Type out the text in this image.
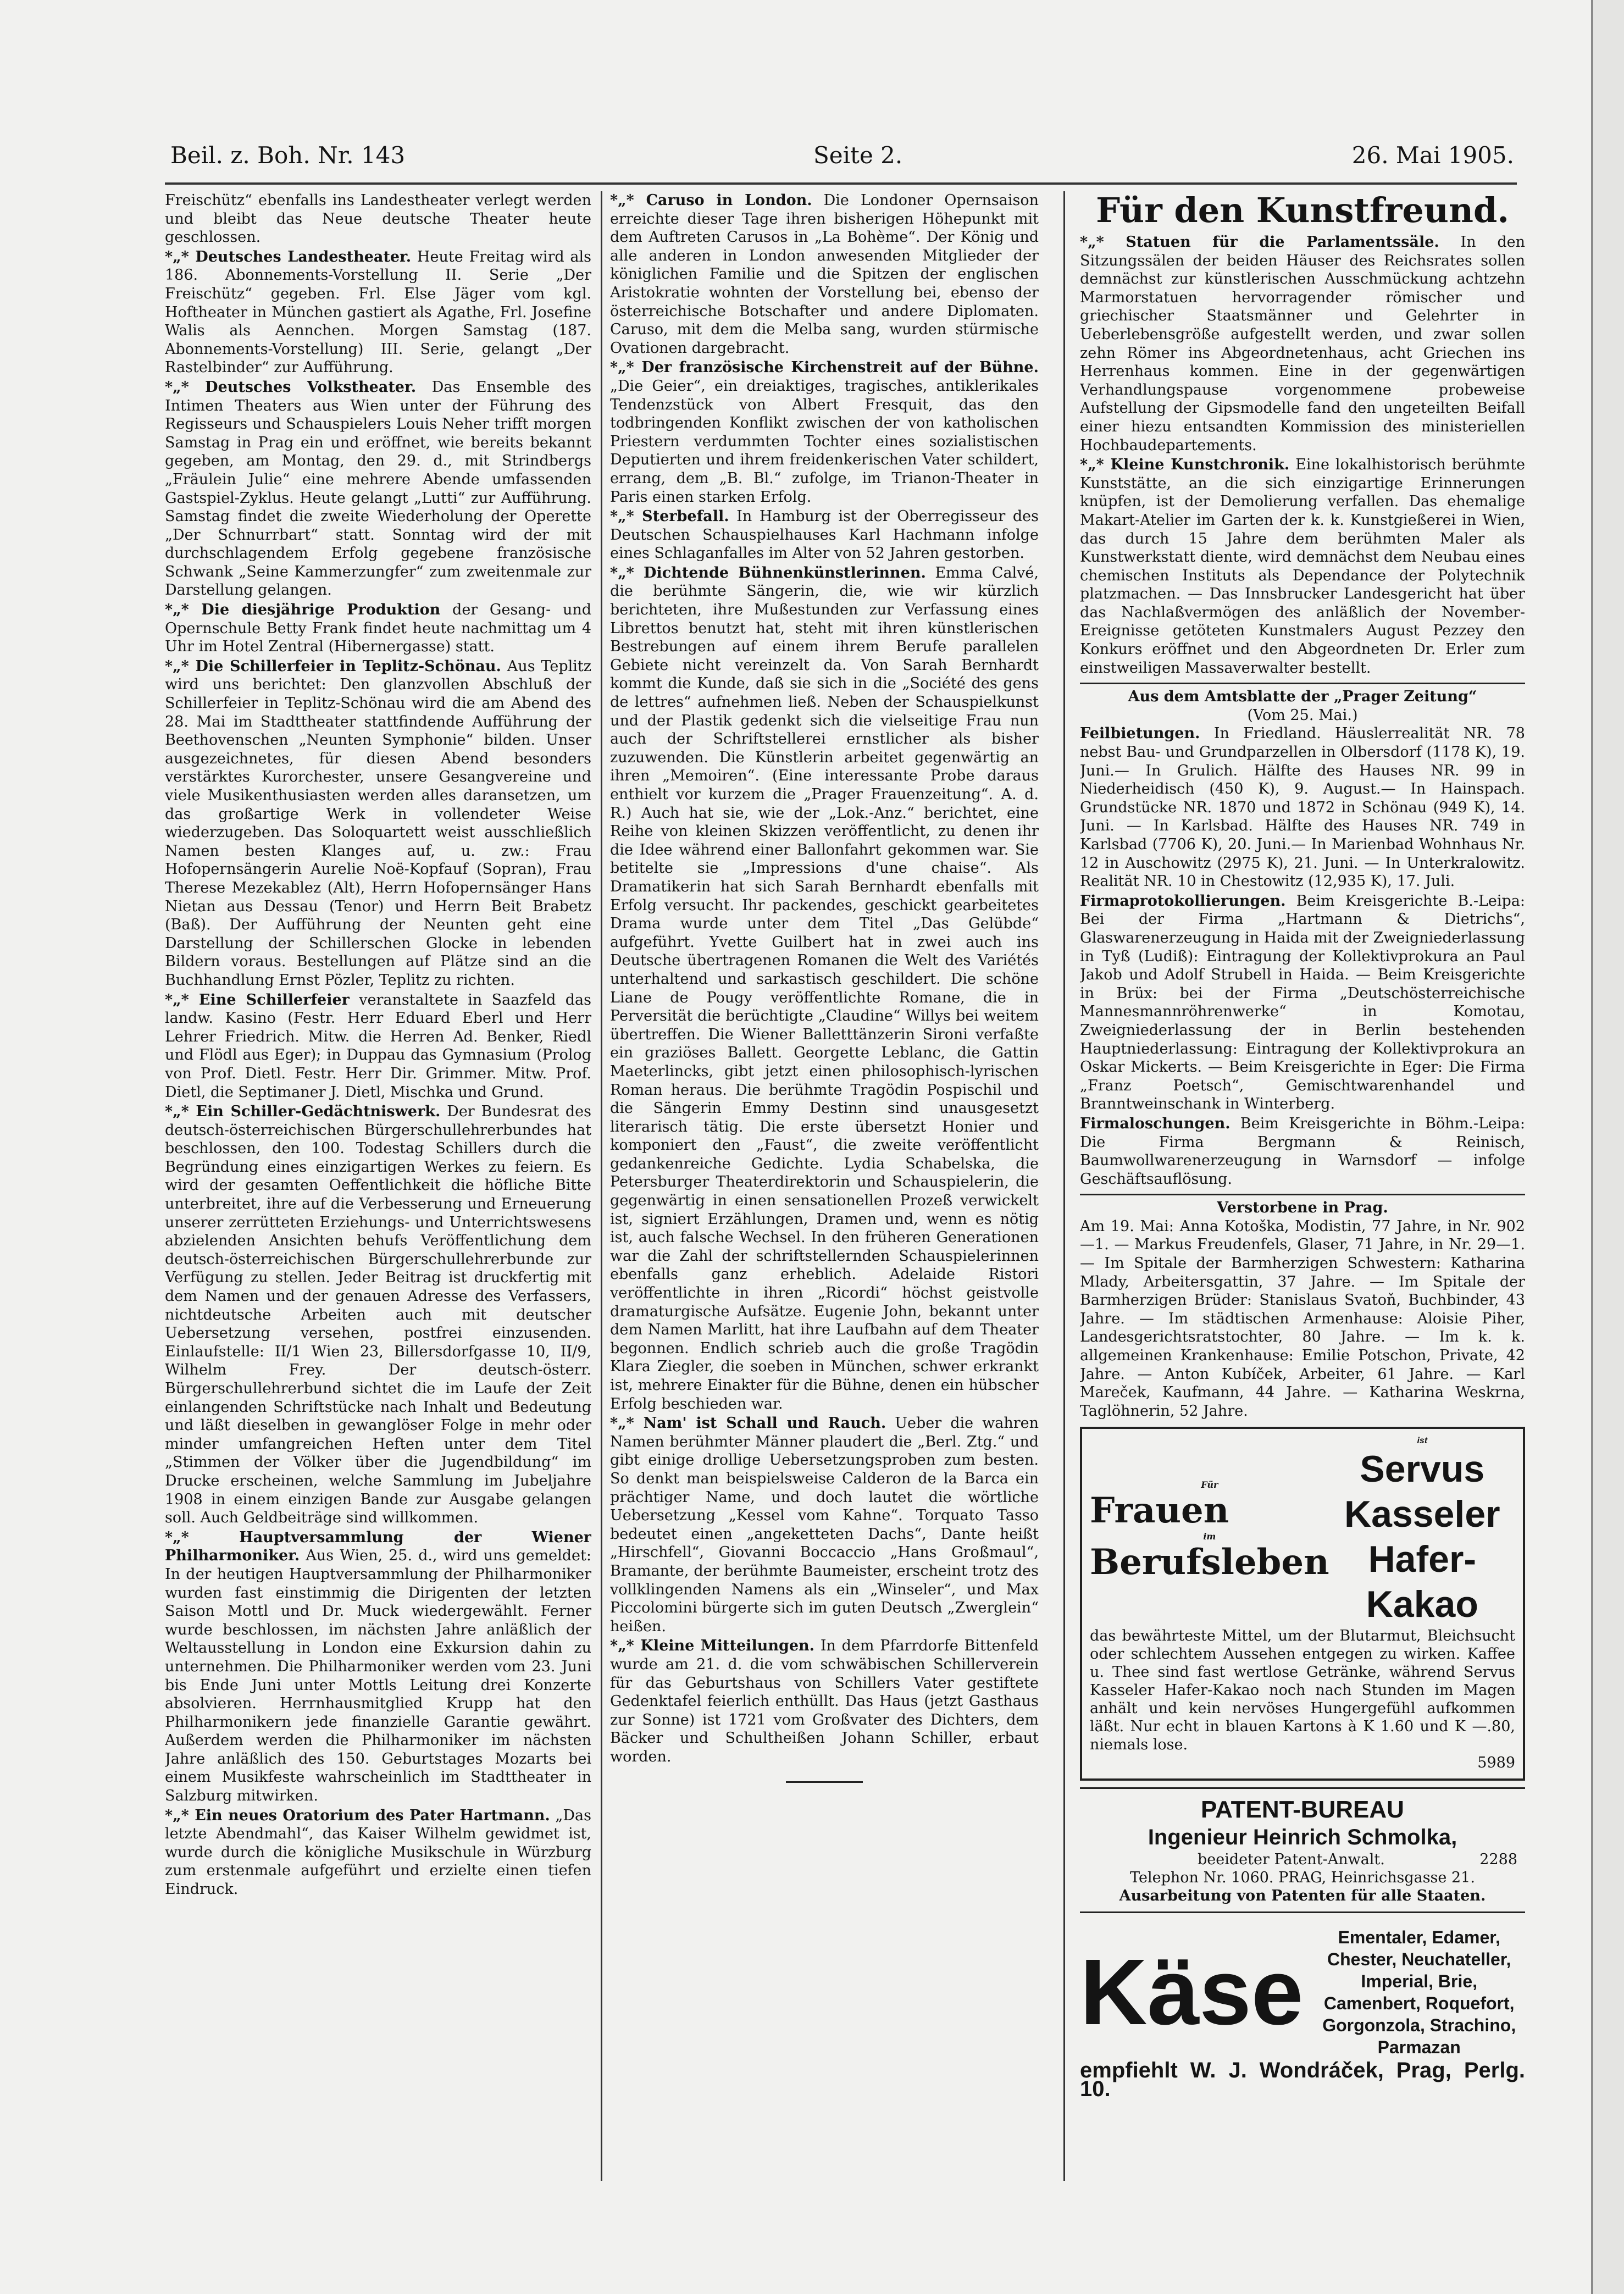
Beil. z. Boh. Nr. 143	Seite 2.	26. Mai 1905.

Freischütz“ ebenfalls ins Landestheater verlegt werden und bleibt das Neue deutsche Theater heute geschlossen.

*„* Deutsches Landestheater. Heute Freitag wird als 186. Abonnements-Vorstellung II. Serie „Der Freischütz“ gegeben. Frl. Else Jäger vom kgl. Hoftheater in München gastiert als Agathe, Frl. Josefine Walis als Aennchen. Morgen Samstag (187. Abonnements-Vorstellung) III. Serie, gelangt „Der Rastelbinder“ zur Aufführung.

*„* Deutsches Volkstheater. Das Ensemble des Intimen Theaters aus Wien unter der Führung des Regisseurs und Schauspielers Louis Neher trifft morgen Samstag in Prag ein und eröffnet, wie bereits bekannt gegeben, am Montag, den 29. d., mit Strindbergs „Fräulein Julie“ eine mehrere Abende umfassenden Gastspiel-Zyklus. Heute gelangt „Lutti“ zur Aufführung. Samstag findet die zweite Wiederholung der Operette „Der Schnurrbart“ statt. Sonntag wird der mit durchschlagendem Erfolg gegebene französische Schwank „Seine Kammerzungfer“ zum zweitenmale zur Darstellung gelangen.

*„* Die diesjährige Produktion der Gesang- und Opernschule Betty Frank findet heute nachmittag um 4 Uhr im Hotel Zentral (Hibernergasse) statt.

*„* Die Schillerfeier in Teplitz-Schönau. Aus Teplitz wird uns berichtet: Den glanzvollen Abschluß der Schillerfeier in Teplitz-Schönau wird die am Abend des 28. Mai im Stadttheater stattfindende Aufführung der Beethovenschen „Neunten Symphonie“ bilden. Unser ausgezeichnetes, für diesen Abend besonders verstärktes Kurorchester, unsere Gesangvereine und viele Musikenthusiasten werden alles daransetzen, um das großartige Werk in vollendeter Weise wiederzugeben. Das Soloquartett weist ausschließlich Namen besten Klanges auf, u. zw.: Frau Hofopernsängerin Aurelie Noë-Kopfauf (Sopran), Frau Therese Mezekablez (Alt), Herrn Hofopernsänger Hans Nietan aus Dessau (Tenor) und Herrn Beit Brabetz (Baß). Der Aufführung der Neunten geht eine Darstellung der Schillerschen Glocke in lebenden Bildern voraus. Bestellungen auf Plätze sind an die Buchhandlung Ernst Pözler, Teplitz zu richten.

*„* Eine Schillerfeier veranstaltete in Saazfeld das landw. Kasino (Festr. Herr Eduard Eberl und Herr Lehrer Friedrich. Mitw. die Herren Ad. Benker, Riedl und Flödl aus Eger); in Duppau das Gymnasium (Prolog von Prof. Dietl. Festr. Herr Dir. Grimmer. Mitw. Prof. Dietl, die Septimaner J. Dietl, Mischka und Grund.

*„* Ein Schiller-Gedächtniswerk. Der Bundesrat des deutsch-österreichischen Bürgerschullehrerbundes hat beschlossen, den 100. Todestag Schillers durch die Begründung eines einzigartigen Werkes zu feiern. Es wird der gesamten Oeffentlichkeit die höfliche Bitte unterbreitet, ihre auf die Verbesserung und Erneuerung unserer zerrütteten Erziehungs- und Unterrichtswesens abzielenden Ansichten behufs Veröffentlichung dem deutsch-österreichischen Bürgerschullehrerbunde zur Verfügung zu stellen. Jeder Beitrag ist druckfertig mit dem Namen und der genauen Adresse des Verfassers, nichtdeutsche Arbeiten auch mit deutscher Uebersetzung versehen, postfrei einzusenden. Einlaufstelle: II/1 Wien 23, Billersdorfgasse 10, II/9, Wilhelm Frey. Der deutsch-österr. Bürgerschullehrerbund sichtet die im Laufe der Zeit einlangenden Schriftstücke nach Inhalt und Bedeutung und läßt dieselben in gewanglöser Folge in mehr oder minder umfangreichen Heften unter dem Titel „Stimmen der Völker über die Jugendbildung“ im Drucke erscheinen, welche Sammlung im Jubeljahre 1908 in einem einzigen Bande zur Ausgabe gelangen soll. Auch Geldbeiträge sind willkommen.

*„* Hauptversammlung der Wiener Philharmoniker. Aus Wien, 25. d., wird uns gemeldet: In der heutigen Hauptversammlung der Philharmoniker wurden fast einstimmig die Dirigenten der letzten Saison Mottl und Dr. Muck wiedergewählt. Ferner wurde beschlossen, im nächsten Jahre anläßlich der Weltausstellung in London eine Exkursion dahin zu unternehmen. Die Philharmoniker werden vom 23. Juni bis Ende Juni unter Mottls Leitung drei Konzerte absolvieren. Herrnhausmitglied Krupp hat den Philharmonikern jede finanzielle Garantie gewährt. Außerdem werden die Philharmoniker im nächsten Jahre anläßlich des 150. Geburtstages Mozarts bei einem Musikfeste wahrscheinlich im Stadttheater in Salzburg mitwirken.

*„* Ein neues Oratorium des Pater Hartmann. „Das letzte Abendmahl“, das Kaiser Wilhelm gewidmet ist, wurde durch die königliche Musikschule in Würzburg zum erstenmale aufgeführt und erzielte einen tiefen Eindruck.

*„* Caruso in London. Die Londoner Opernsaison erreichte dieser Tage ihren bisherigen Höhepunkt mit dem Auftreten Carusos in „La Bohème“. Der König und alle anderen in London anwesenden Mitglieder der königlichen Familie und die Spitzen der englischen Aristokratie wohnten der Vorstellung bei, ebenso der österreichische Botschafter und andere Diplomaten. Caruso, mit dem die Melba sang, wurden stürmische Ovationen dargebracht.

*„* Der französische Kirchenstreit auf der Bühne. „Die Geier“, ein dreiaktiges, tragisches, antiklerikales Tendenzstück von Albert Fresquit, das den todbringenden Konflikt zwischen der von katholischen Priestern verdummten Tochter eines sozialistischen Deputierten und ihrem freidenkerischen Vater schildert, errang, dem „B. Bl.“ zufolge, im Trianon-Theater in Paris einen starken Erfolg.

*„* Sterbefall. In Hamburg ist der Oberregisseur des Deutschen Schauspielhauses Karl Hachmann infolge eines Schlaganfalles im Alter von 52 Jahren gestorben.

*„* Dichtende Bühnenkünstlerinnen. Emma Calvé, die berühmte Sängerin, die, wie wir kürzlich berichteten, ihre Mußestunden zur Verfassung eines Librettos benutzt hat, steht mit ihren künstlerischen Bestrebungen auf einem ihrem Berufe parallelen Gebiete nicht vereinzelt da. Von Sarah Bernhardt kommt die Kunde, daß sie sich in die „Société des gens de lettres“ aufnehmen ließ. Neben der Schauspielkunst und der Plastik gedenkt sich die vielseitige Frau nun auch der Schriftstellerei ernstlicher als bisher zuzuwenden. Die Künstlerin arbeitet gegenwärtig an ihren „Memoiren“. (Eine interessante Probe daraus enthielt vor kurzem die „Prager Frauenzeitung“. A. d. R.) Auch hat sie, wie der „Lok.-Anz.“ berichtet, eine Reihe von kleinen Skizzen veröffentlicht, zu denen ihr die Idee während einer Ballonfahrt gekommen war. Sie betitelte sie „Impressions d'une chaise“. Als Dramatikerin hat sich Sarah Bernhardt ebenfalls mit Erfolg versucht. Ihr packendes, geschickt gearbeitetes Drama wurde unter dem Titel „Das Gelübde“ aufgeführt. Yvette Guilbert hat in zwei auch ins Deutsche übertragenen Romanen die Welt des Variétés unterhaltend und sarkastisch geschildert. Die schöne Liane de Pougy veröffentlichte Romane, die in Perversität die berüchtigte „Claudine“ Willys bei weitem übertreffen. Die Wiener Balletttänzerin Sironi verfaßte ein graziöses Ballett. Georgette Leblanc, die Gattin Maeterlincks, gibt jetzt einen philosophisch-lyrischen Roman heraus. Die berühmte Tragödin Pospischil und die Sängerin Emmy Destinn sind unausgesetzt literarisch tätig. Die erste übersetzt Honier und komponiert den „Faust“, die zweite veröffentlicht gedankenreiche Gedichte. Lydia Schabelska, die Petersburger Theaterdirektorin und Schauspielerin, die gegenwärtig in einen sensationellen Prozeß verwickelt ist, signiert Erzählungen, Dramen und, wenn es nötig ist, auch falsche Wechsel. In den früheren Generationen war die Zahl der schriftstellernden Schauspielerinnen ebenfalls ganz erheblich. Adelaide Ristori veröffentlichte in ihren „Ricordi“ höchst geistvolle dramaturgische Aufsätze. Eugenie John, bekannt unter dem Namen Marlitt, hat ihre Laufbahn auf dem Theater begonnen. Endlich schrieb auch die große Tragödin Klara Ziegler, die soeben in München, schwer erkrankt ist, mehrere Einakter für die Bühne, denen ein hübscher Erfolg beschieden war.

*„* Nam' ist Schall und Rauch. Ueber die wahren Namen berühmter Männer plaudert die „Berl. Ztg.“ und gibt einige drollige Uebersetzungsproben zum besten. So denkt man beispielsweise Calderon de la Barca ein prächtiger Name, und doch lautet die wörtliche Uebersetzung „Kessel vom Kahne“. Torquato Tasso bedeutet einen „angeketteten Dachs“, Dante heißt „Hirschfell“, Giovanni Boccaccio „Hans Großmaul“, Bramante, der berühmte Baumeister, erscheint trotz des vollklingenden Namens als ein „Winseler“, und Max Piccolomini bürgerte sich im guten Deutsch „Zwerglein“ heißen.

*„* Kleine Mitteilungen. In dem Pfarrdorfe Bittenfeld wurde am 21. d. die vom schwäbischen Schillerverein für das Geburtshaus von Schillers Vater gestiftete Gedenktafel feierlich enthüllt. Das Haus (jetzt Gasthaus zur Sonne) ist 1721 vom Großvater des Dichters, dem Bäcker und Schultheißen Johann Schiller, erbaut worden.

Für den Kunstfreund.

*„* Statuen für die Parlamentssäle. In den Sitzungssälen der beiden Häuser des Reichsrates sollen demnächst zur künstlerischen Ausschmückung achtzehn Marmorstatuen hervorragender römischer und griechischer Staatsmänner und Gelehrter in Ueberlebensgröße aufgestellt werden, und zwar sollen zehn Römer ins Abgeordnetenhaus, acht Griechen ins Herrenhaus kommen. Eine in der gegenwärtigen Verhandlungspause vorgenommene probeweise Aufstellung der Gipsmodelle fand den ungeteilten Beifall einer hiezu entsandten Kommission des ministeriellen Hochbaudepartements.

*„* Kleine Kunstchronik. Eine lokalhistorisch berühmte Kunststätte, an die sich einzigartige Erinnerungen knüpfen, ist der Demolierung verfallen. Das ehemalige Makart-Atelier im Garten der k. k. Kunstgießerei in Wien, das durch 15 Jahre dem berühmten Maler als Kunstwerkstatt diente, wird demnächst dem Neubau eines chemischen Instituts als Dependance der Polytechnik platzmachen. — Das Innsbrucker Landesgericht hat über das Nachlaßvermögen des anläßlich der November-Ereignisse getöteten Kunstmalers August Pezzey den Konkurs eröffnet und den Abgeordneten Dr. Erler zum einstweiligen Massaverwalter bestellt.

Aus dem Amtsblatte der „Prager Zeitung“
(Vom 25. Mai.)

Feilbietungen. In Friedland. Häuslerrealität NR. 78 nebst Bau- und Grundparzellen in Olbersdorf (1178 K), 19. Juni.— In Grulich. Hälfte des Hauses NR. 99 in Niederheidisch (450 K), 9. August.— In Hainspach. Grundstücke NR. 1870 und 1872 in Schönau (949 K), 14. Juni. — In Karlsbad. Hälfte des Hauses NR. 749 in Karlsbad (7706 K), 20. Juni.— In Marienbad Wohnhaus Nr. 12 in Auschowitz (2975 K), 21. Juni. — In Unterkralowitz. Realität NR. 10 in Chestowitz (12,935 K), 17. Juli.

Firmaprotokollierungen. Beim Kreisgerichte B.-Leipa: Bei der Firma „Hartmann & Dietrichs“, Glaswarenerzeugung in Haida mit der Zweigniederlassung in Tyß (Ludiß): Eintragung der Kollektivprokura an Paul Jakob und Adolf Strubell in Haida. — Beim Kreisgerichte in Brüx: bei der Firma „Deutschösterreichische Mannesmannröhrenwerke“ in Komotau, Zweigniederlassung der in Berlin bestehenden Hauptniederlassung: Eintragung der Kollektivprokura an Oskar Mickerts. — Beim Kreisgerichte in Eger: Die Firma „Franz Poetsch“, Gemischtwarenhandel und Branntweinschank in Winterberg.

Firmaloschungen. Beim Kreisgerichte in Böhm.-Leipa: Die Firma Bergmann & Reinisch, Baumwollwarenerzeugung in Warnsdorf — infolge Geschäftsauflösung.

Verstorbene in Prag.

Am 19. Mai: Anna Kotoška, Modistin, 77 Jahre, in Nr. 902—1. — Markus Freudenfels, Glaser, 71 Jahre, in Nr. 29—1. — Im Spitale der Barmherzigen Schwestern: Katharina Mlady, Arbeitersgattin, 37 Jahre. — Im Spitale der Barmherzigen Brüder: Stanislaus Svatoň, Buchbinder, 43 Jahre. — Im städtischen Armenhause: Aloisie Piher, Landesgerichtsratstochter, 80 Jahre. — Im k. k. allgemeinen Krankenhause: Emilie Potschon, Private, 42 Jahre. — Anton Kubíček, Arbeiter, 61 Jahre. — Karl Mareček, Kaufmann, 44 Jahre. — Katharina Weskrna, Taglöhnerin, 52 Jahre.

Für
Frauen
im
Berufsleben
ist
Servus Kasseler
Hafer-Kakao
das bewährteste Mittel, um der Blutarmut, Bleichsucht oder schlechtem Aussehen entgegen zu wirken. Kaffee u. Thee sind fast wertlose Getränke, während Servus Kasseler Hafer-Kakao noch nach Stunden im Magen anhält und kein nervöses Hungergefühl aufkommen läßt. Nur echt in blauen Kartons à K 1.60 und K —.80, niemals lose.
5989
PATENT-BUREAU
Ingenieur Heinrich Schmolka,
beeideter Patent-Anwalt.	2288
Telephon Nr. 1060. PRAG, Heinrichsgasse 21.
Ausarbeitung von Patenten für alle Staaten.
Käse
Ementaler, Edamer,
Chester, Neuchateller,
Imperial, Brie,
Camenbert, Roquefort,
Gorgonzola, Strachino,
Parmazan
empfiehlt W. J. Wondráček, Prag, Perlg. 10.
